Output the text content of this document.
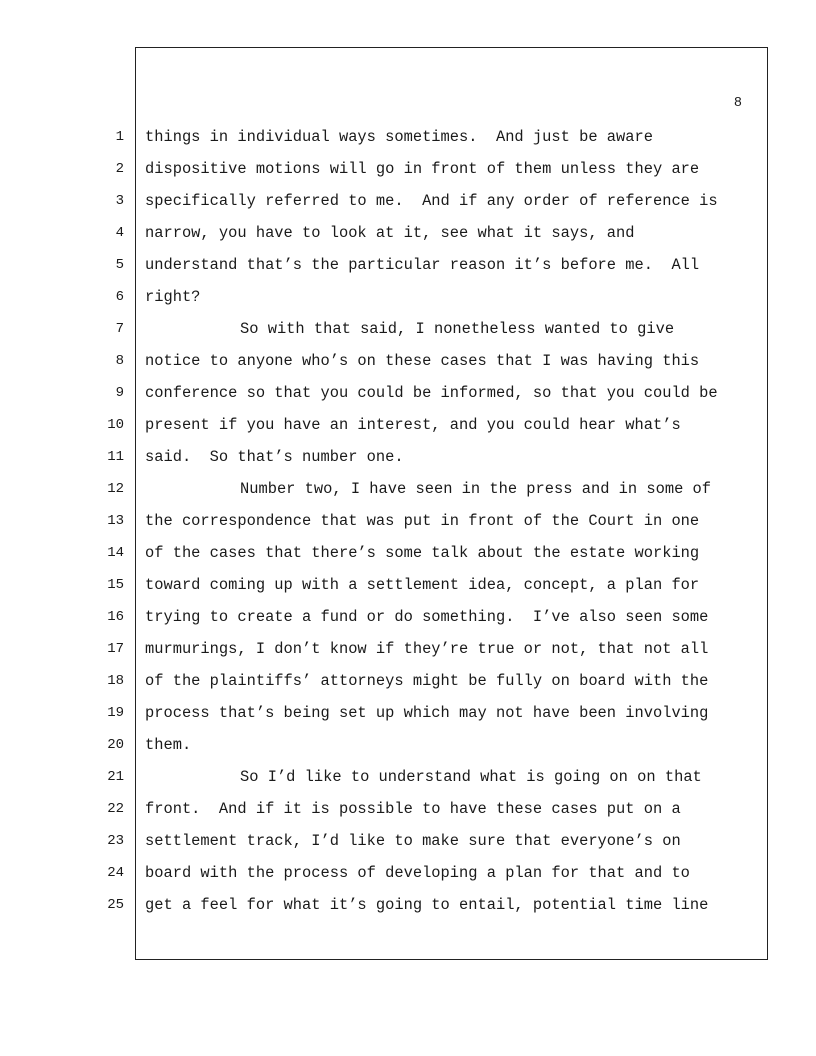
8
1
2
3
4
5
6
7
8
9
10
11
12
13
14
15
16
17
18
19
20
21
22
23
24
25
things in individual ways sometimes.  And just be aware
dispositive motions will go in front of them unless they are
specifically referred to me.  And if any order of reference is
narrow, you have to look at it, see what it says, and
understand that’s the particular reason it’s before me.  All
right?
So with that said, I nonetheless wanted to give
notice to anyone who’s on these cases that I was having this
conference so that you could be informed, so that you could be
present if you have an interest, and you could hear what’s
said.  So that’s number one.
Number two, I have seen in the press and in some of
the correspondence that was put in front of the Court in one
of the cases that there’s some talk about the estate working
toward coming up with a settlement idea, concept, a plan for
trying to create a fund or do something.  I’ve also seen some
murmurings, I don’t know if they’re true or not, that not all
of the plaintiffs’ attorneys might be fully on board with the
process that’s being set up which may not have been involving
them.
So I’d like to understand what is going on on that
front.  And if it is possible to have these cases put on a
settlement track, I’d like to make sure that everyone’s on
board with the process of developing a plan for that and to
get a feel for what it’s going to entail, potential time line
